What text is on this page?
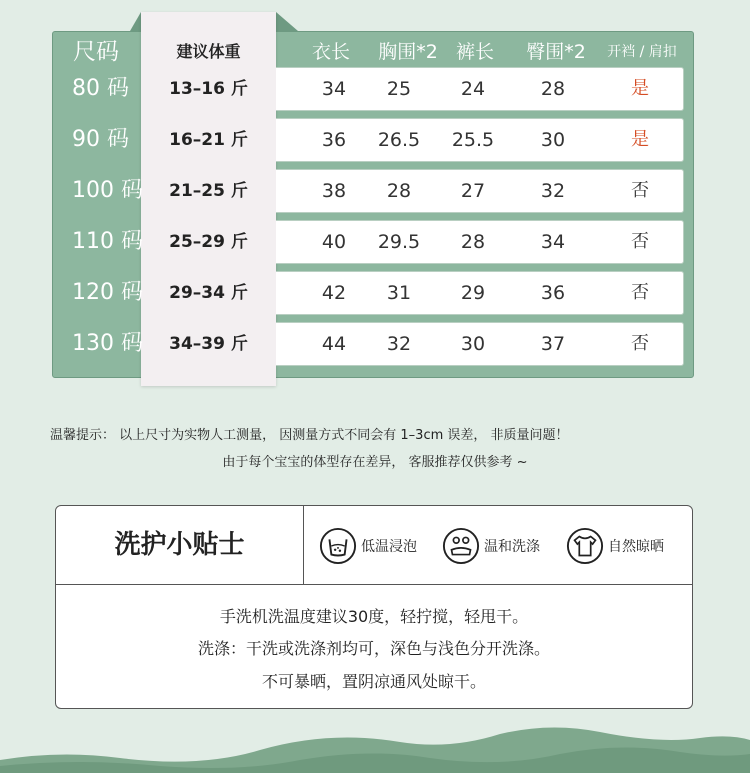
尺码	建议体重	衣长	胸围*2 裤长	臀围*2	开裆 / 肩扣
80 码	13–16 斤	34	25	24	28	是
90 码	16–21 斤	36	26.5	25.5	30	是
100 码	21–25 斤	38	28	27	32	否
110 码	25–29 斤	40	29.5	28	34	否
120 码	29–34 斤	42	31	29	36	否
130 码	34–39 斤	44	32	30	37	否
温馨提示： 以上尺寸为实物人工测量， 因测量方式不同会有 1–3cm 误差， 非质量问题！
由于每个宝宝的体型存在差异， 客服推荐仅供参考 ~
洗护小贴士	低温浸泡	温和洗涤	自然晾晒
手洗机洗温度建议30度，轻拧搅，轻甩干。
洗涤：干洗或洗涤剂均可，深色与浅色分开洗涤。
不可暴晒，置阴凉通风处晾干。
